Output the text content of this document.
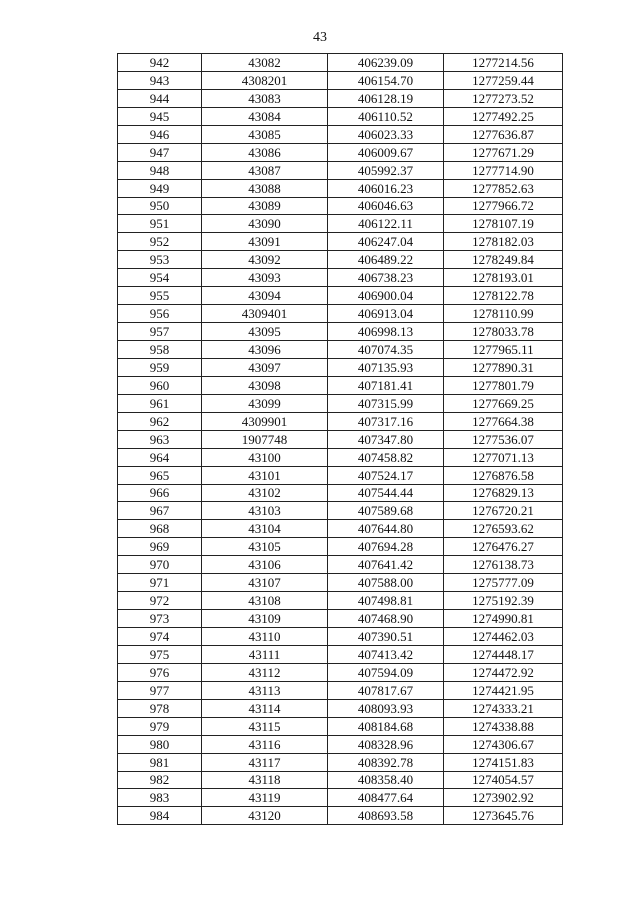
43
942	43082	406239.09	1277214.56
943	4308201	406154.70	1277259.44
944	43083	406128.19	1277273.52
945	43084	406110.52	1277492.25
946	43085	406023.33	1277636.87
947	43086	406009.67	1277671.29
948	43087	405992.37	1277714.90
949	43088	406016.23	1277852.63
950	43089	406046.63	1277966.72
951	43090	406122.11	1278107.19
952	43091	406247.04	1278182.03
953	43092	406489.22	1278249.84
954	43093	406738.23	1278193.01
955	43094	406900.04	1278122.78
956	4309401	406913.04	1278110.99
957	43095	406998.13	1278033.78
958	43096	407074.35	1277965.11
959	43097	407135.93	1277890.31
960	43098	407181.41	1277801.79
961	43099	407315.99	1277669.25
962	4309901	407317.16	1277664.38
963	1907748	407347.80	1277536.07
964	43100	407458.82	1277071.13
965	43101	407524.17	1276876.58
966	43102	407544.44	1276829.13
967	43103	407589.68	1276720.21
968	43104	407644.80	1276593.62
969	43105	407694.28	1276476.27
970	43106	407641.42	1276138.73
971	43107	407588.00	1275777.09
972	43108	407498.81	1275192.39
973	43109	407468.90	1274990.81
974	43110	407390.51	1274462.03
975	43111	407413.42	1274448.17
976	43112	407594.09	1274472.92
977	43113	407817.67	1274421.95
978	43114	408093.93	1274333.21
979	43115	408184.68	1274338.88
980	43116	408328.96	1274306.67
981	43117	408392.78	1274151.83
982	43118	408358.40	1274054.57
983	43119	408477.64	1273902.92
984	43120	408693.58	1273645.76
